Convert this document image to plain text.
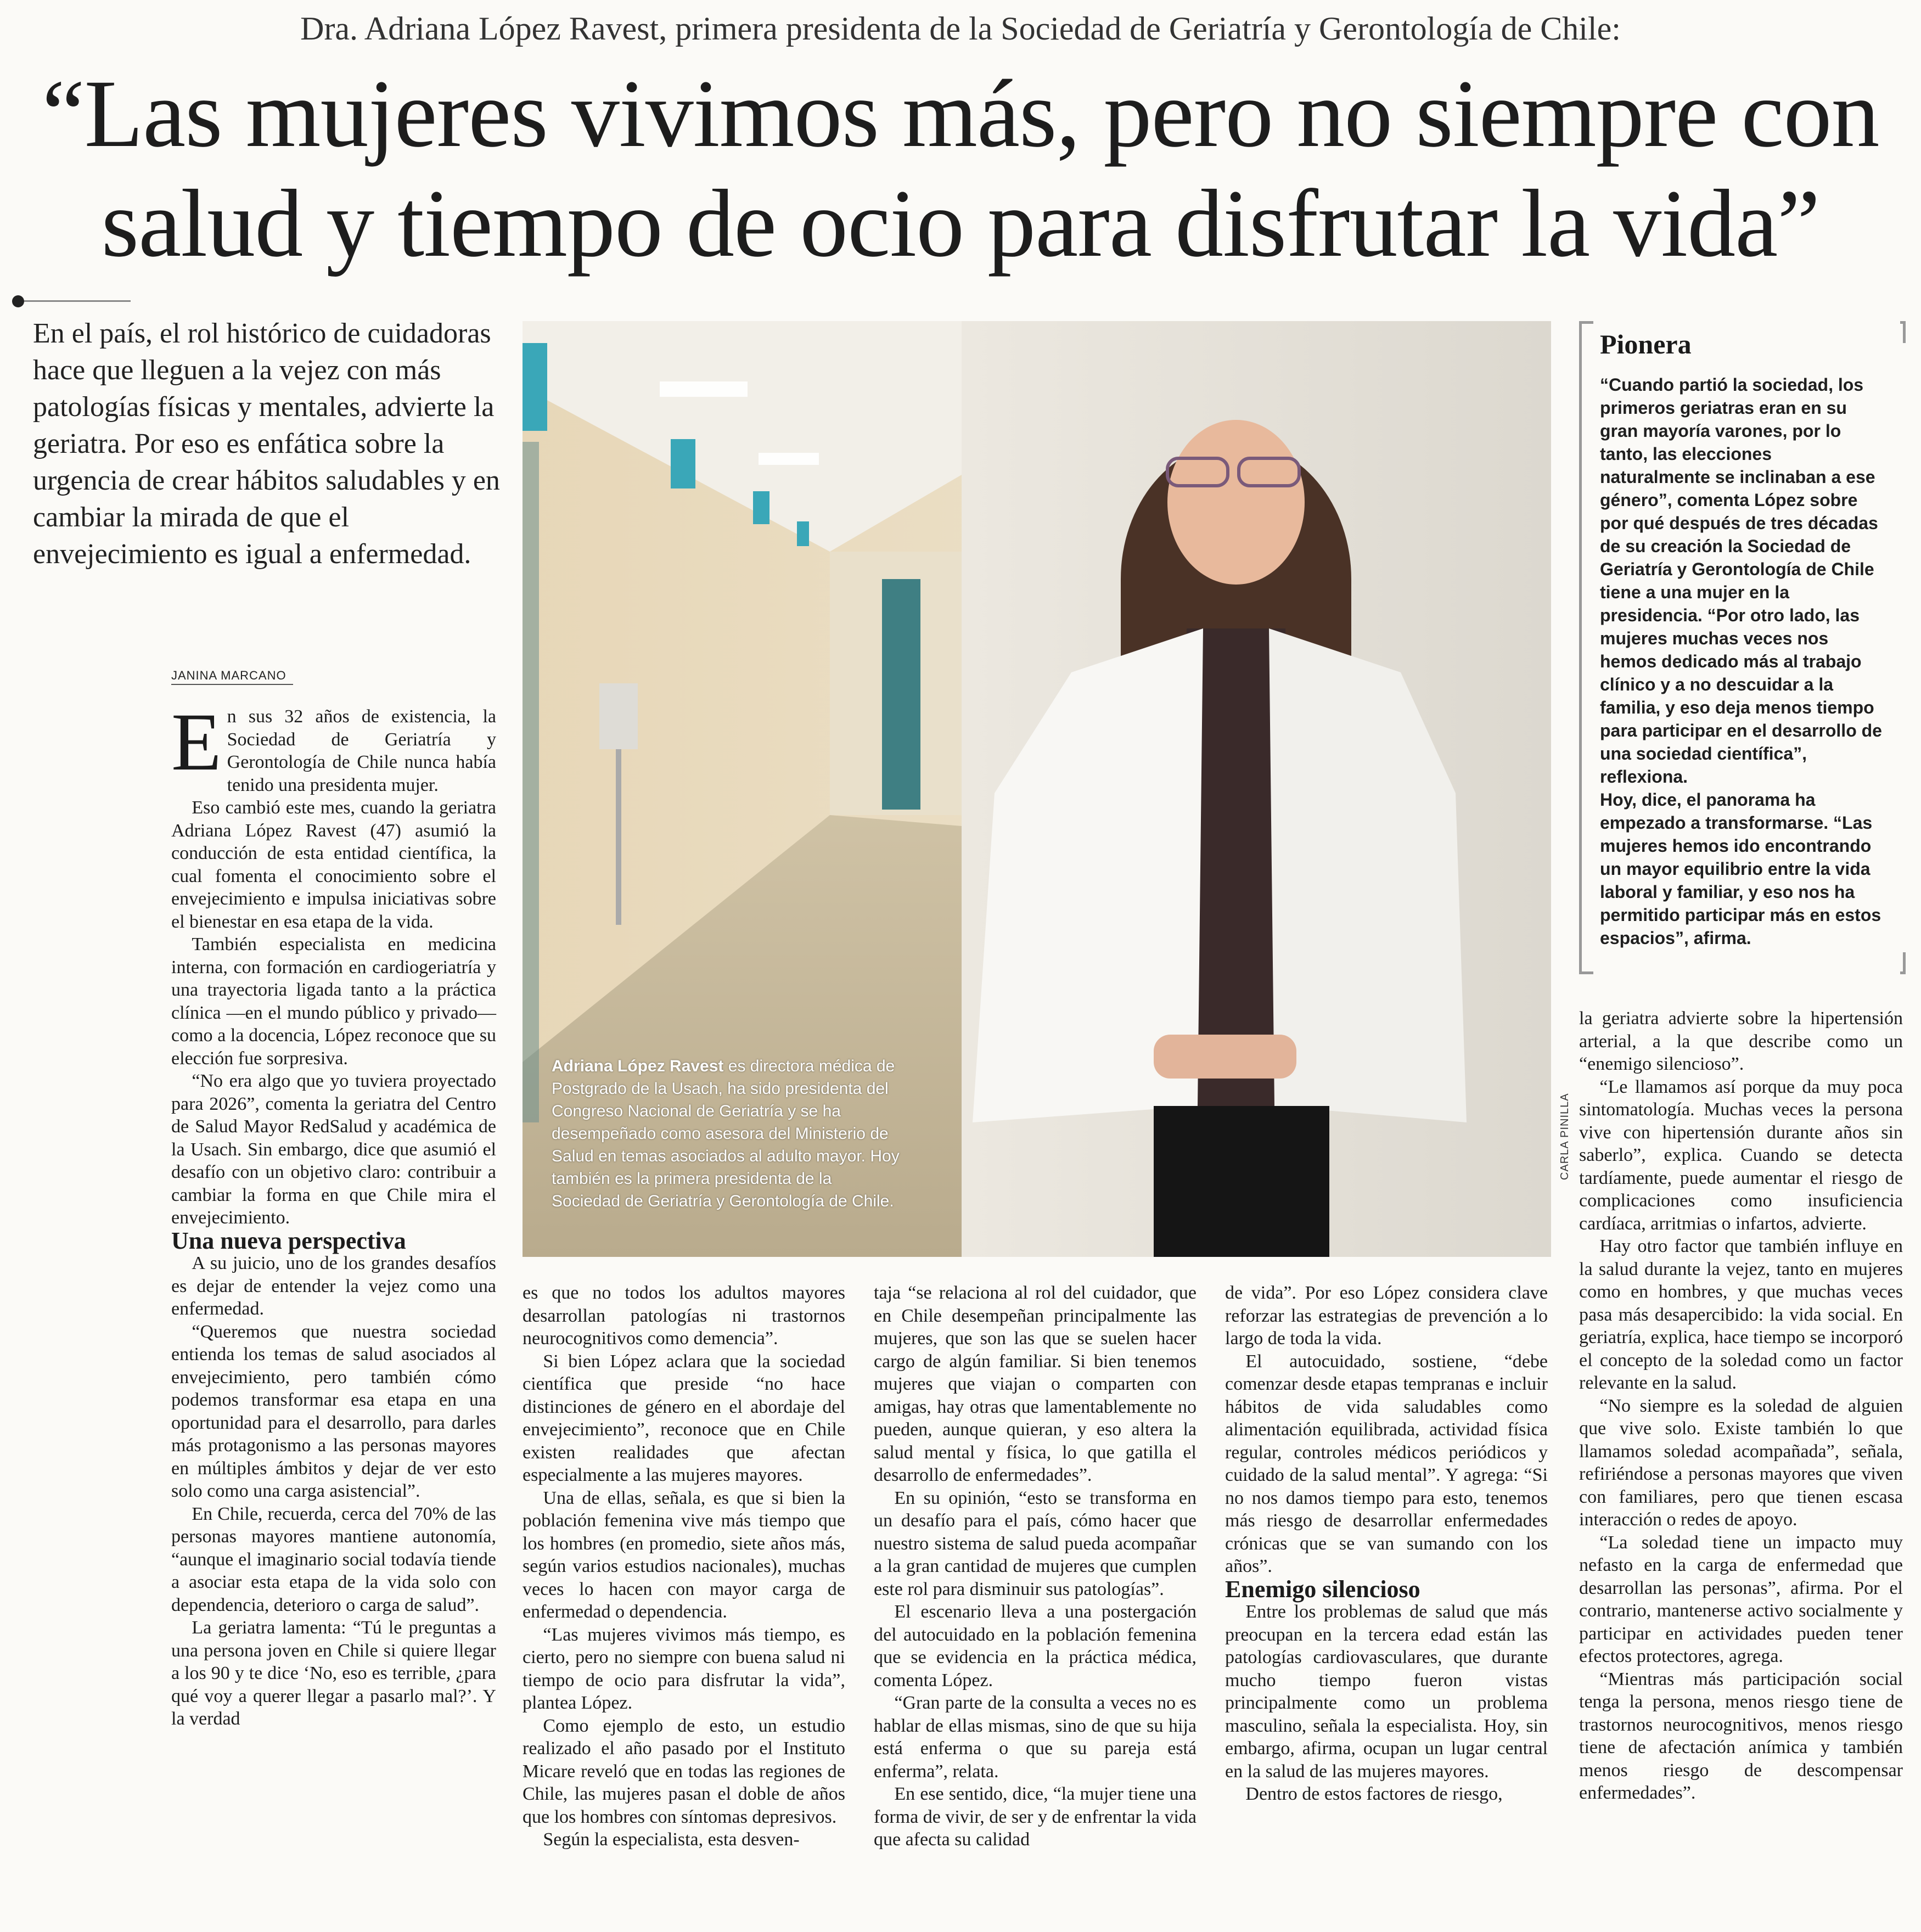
Dra. Adriana López Ravest, primera presidenta de la Sociedad de Geriatría y Gerontología de Chile:
“Las mujeres vivimos más, pero no siempre con
salud y tiempo de ocio para disfrutar la vida”
En el país, el rol histórico de cuidadoras hace que lleguen a la vejez con más patologías físicas y mentales, advierte la geriatra. Por eso es enfática sobre la urgencia de crear hábitos saludables y en cambiar la mirada de que el envejecimiento es igual a enfermedad.
JANINA MARCANO

En sus 32 años de existencia, la Sociedad de Geriatría y Gerontología de Chile nunca había tenido una presidenta mujer.

Eso cambió este mes, cuando la geriatra Adriana López Ravest (47) asumió la conducción de esta entidad científica, la cual fomenta el conocimiento sobre el envejecimiento e impulsa iniciativas sobre el bienestar en esa etapa de la vida.

También especialista en medicina interna, con formación en cardiogeriatría y una trayectoria ligada tanto a la práctica clínica —en el mundo público y privado— como a la docencia, López reconoce que su elección fue sorpresiva.

“No era algo que yo tuviera proyectado para 2026”, comenta la geriatra del Centro de Salud Mayor RedSalud y académica de la Usach. Sin embargo, dice que asumió el desafío con un objetivo claro: contribuir a cambiar la forma en que Chile mira el envejecimiento.

Una nueva perspectiva

A su juicio, uno de los grandes desafíos es dejar de entender la vejez como una enfermedad.

“Queremos que nuestra sociedad entienda los temas de salud asociados al envejecimiento, pero también cómo podemos transformar esa etapa en una oportunidad para el desarrollo, para darles más protagonismo a las personas mayores en múltiples ámbitos y dejar de ver esto solo como una carga asistencial”.

En Chile, recuerda, cerca del 70% de las personas mayores mantiene autonomía, “aunque el imaginario social todavía tiende a asociar esta etapa de la vida solo con dependencia, deterioro o carga de salud”.

La geriatra lamenta: “Tú le preguntas a una persona joven en Chile si quiere llegar a los 90 y te dice ‘No, eso es terrible, ¿para qué voy a querer llegar a pasarlo mal?’. Y la verdad

Adriana López Ravest es directora médica de Postgrado de la Usach, ha sido presidenta del Congreso Nacional de Geriatría y se ha desempeñado como asesora del Ministerio de Salud en temas asociados al adulto mayor. Hoy también es la primera presidenta de la Sociedad de Geriatría y Gerontología de Chile.
CARLA PINILLA
Pionera

“Cuando partió la sociedad, los primeros geriatras eran en su gran mayoría varones, por lo tanto, las elecciones naturalmente se inclinaban a ese género”, comenta López sobre por qué después de tres décadas de su creación la Sociedad de Geriatría y Gerontología de Chile tiene a una mujer en la presidencia. “Por otro lado, las mujeres muchas veces nos hemos dedicado más al trabajo clínico y a no descuidar a la familia, y eso deja menos tiempo para participar en el desarrollo de una sociedad científica”, reflexiona.

Hoy, dice, el panorama ha empezado a transformarse. “Las mujeres hemos ido encontrando un mayor equilibrio entre la vida laboral y familiar, y eso nos ha permitido participar más en estos espacios”, afirma.

es que no todos los adultos mayores desarrollan patologías ni trastornos neurocognitivos como demencia”.

Si bien López aclara que la sociedad científica que preside “no hace distinciones de género en el abordaje del envejecimiento”, reconoce que en Chile existen realidades que afectan especialmente a las mujeres mayores.

Una de ellas, señala, es que si bien la población femenina vive más tiempo que los hombres (en promedio, siete años más, según varios estudios nacionales), muchas veces lo hacen con mayor carga de enfermedad o dependencia.

“Las mujeres vivimos más tiempo, es cierto, pero no siempre con buena salud ni tiempo de ocio para disfrutar la vida”, plantea López.

Como ejemplo de esto, un estudio realizado el año pasado por el Instituto Micare reveló que en todas las regiones de Chile, las mujeres pasan el doble de años que los hombres con síntomas depresivos.

Según la especialista, esta desven-

taja “se relaciona al rol del cuidador, que en Chile desempeñan principalmente las mujeres, que son las que se suelen hacer cargo de algún familiar. Si bien tenemos mujeres que viajan o comparten con amigas, hay otras que lamentablemente no pueden, aunque quieran, y eso altera la salud mental y física, lo que gatilla el desarrollo de enfermedades”.

En su opinión, “esto se transforma en un desafío para el país, cómo hacer que nuestro sistema de salud pueda acompañar a la gran cantidad de mujeres que cumplen este rol para disminuir sus patologías”.

El escenario lleva a una postergación del autocuidado en la población femenina que se evidencia en la práctica médica, comenta López.

“Gran parte de la consulta a veces no es hablar de ellas mismas, sino de que su hija está enferma o que su pareja está enferma”, relata.

En ese sentido, dice, “la mujer tiene una forma de vivir, de ser y de enfrentar la vida que afecta su calidad

de vida”. Por eso López considera clave reforzar las estrategias de prevención a lo largo de toda la vida.

El autocuidado, sostiene, “debe comenzar desde etapas tempranas e incluir hábitos de vida saludables como alimentación equilibrada, actividad física regular, controles médicos periódicos y cuidado de la salud mental”. Y agrega: “Si no nos damos tiempo para esto, tenemos más riesgo de desarrollar enfermedades crónicas que se van sumando con los años”.

Enemigo silencioso

Entre los problemas de salud que más preocupan en la tercera edad están las patologías cardiovasculares, que durante mucho tiempo fueron vistas principalmente como un problema masculino, señala la especialista. Hoy, sin embargo, afirma, ocupan un lugar central en la salud de las mujeres mayores.

Dentro de estos factores de riesgo,

la geriatra advierte sobre la hipertensión arterial, a la que describe como un “enemigo silencioso”.

“Le llamamos así porque da muy poca sintomatología. Muchas veces la persona vive con hipertensión durante años sin saberlo”, explica. Cuando se detecta tardíamente, puede aumentar el riesgo de complicaciones como insuficiencia cardíaca, arritmias o infartos, advierte.

Hay otro factor que también influye en la salud durante la vejez, tanto en mujeres como en hombres, y que muchas veces pasa más desapercibido: la vida social. En geriatría, explica, hace tiempo se incorporó el concepto de la soledad como un factor relevante en la salud.

“No siempre es la soledad de alguien que vive solo. Existe también lo que llamamos soledad acompañada”, señala, refiriéndose a personas mayores que viven con familiares, pero que tienen escasa interacción o redes de apoyo.

“La soledad tiene un impacto muy nefasto en la carga de enfermedad que desarrollan las personas”, afirma. Por el contrario, mantenerse activo socialmente y participar en actividades pueden tener efectos protectores, agrega.

“Mientras más participación social tenga la persona, menos riesgo tiene de trastornos neurocognitivos, menos riesgo tiene de afectación anímica y también menos riesgo de descompensar enfermedades”.
